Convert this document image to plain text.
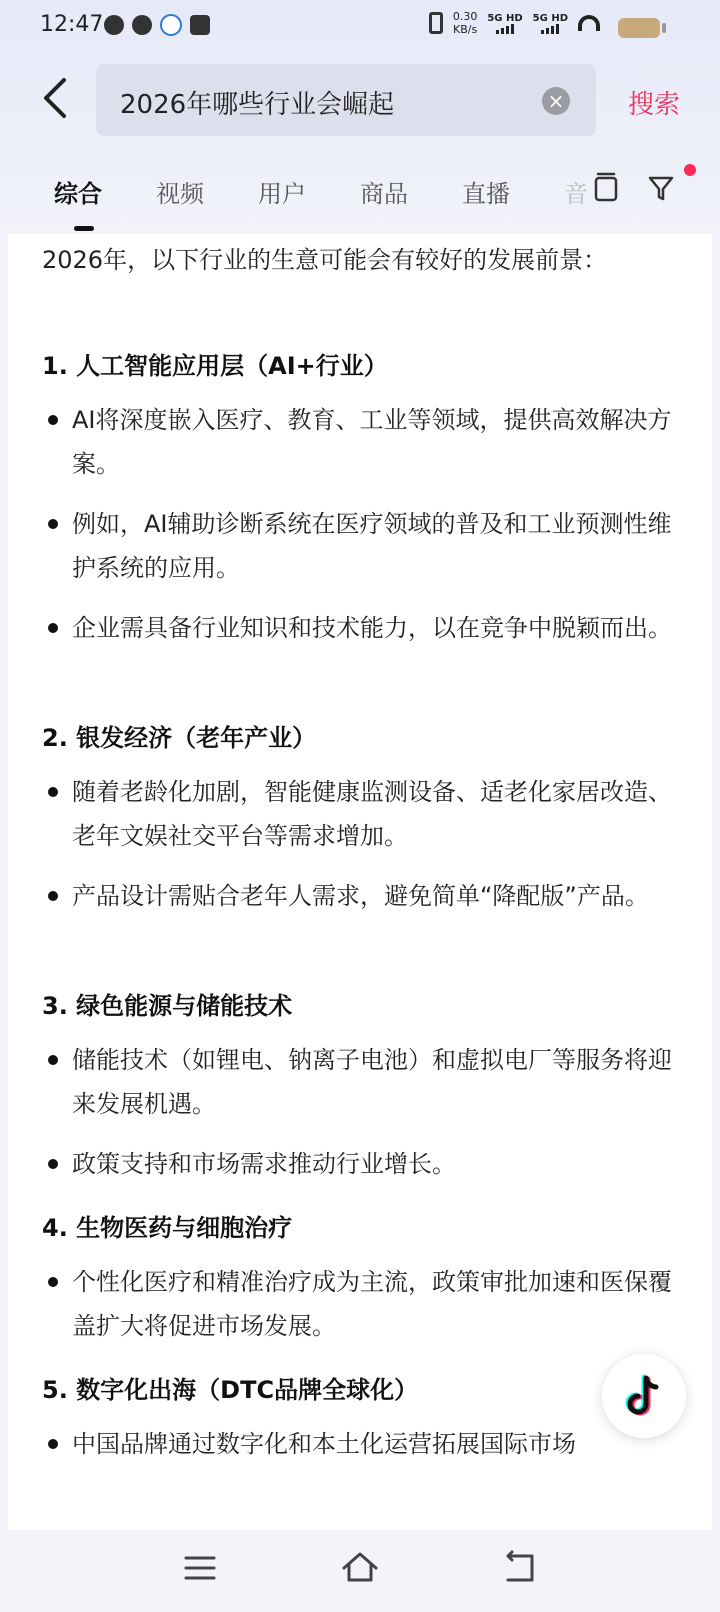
12:47	0.30
KB/s
5G HD 5G HD
2026年哪些行业会崛起	× 搜索
综合 视频 用户 商品 直播 音
2026年，以下行业的生意可能会有较好的发展前景：
1. 人工智能应用层（AI+行业）
AI将深度嵌入医疗、教育、工业等领域，提供高效解决方案。
例如，AI辅助诊断系统在医疗领域的普及和工业预测性维护系统的应用。
企业需具备行业知识和技术能力，以在竞争中脱颖而出。
2. 银发经济（老年产业）
随着老龄化加剧，智能健康监测设备、适老化家居改造、老年文娱社交平台等需求增加。
产品设计需贴合老年人需求，避免简单“降配版”产品。
3. 绿色能源与储能技术
储能技术（如锂电、钠离子电池）和虚拟电厂等服务将迎来发展机遇。
政策支持和市场需求推动行业增长。
4. 生物医药与细胞治疗
个性化医疗和精准治疗成为主流，政策审批加速和医保覆盖扩大将促进市场发展。
5. 数字化出海（DTC品牌全球化）
中国品牌通过数字化和本土化运营拓展国际市场
